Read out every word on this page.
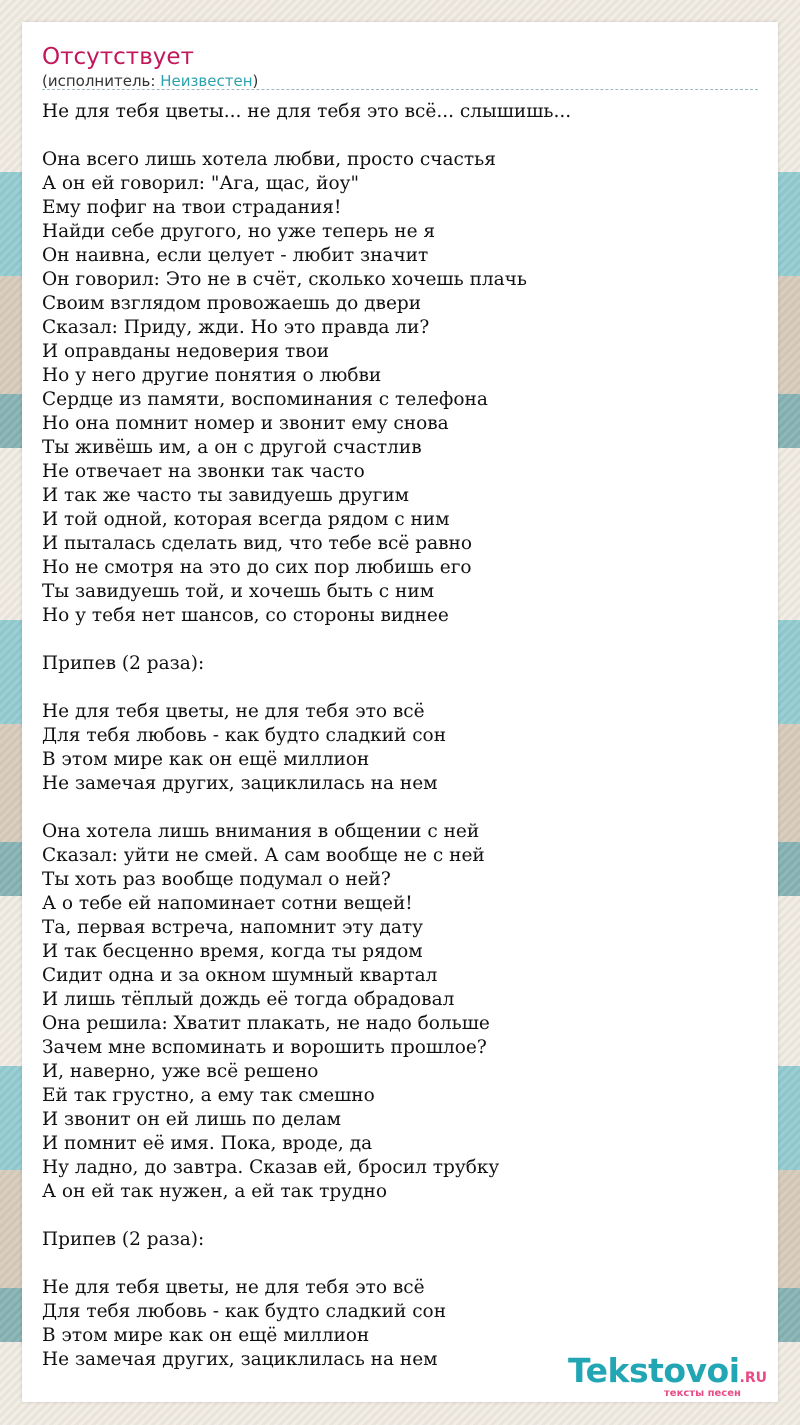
Отсутствует
(исполнитель: Неизвестен)
Не для тебя цветы... не для тебя это всё... слышишь...
Она всего лишь хотела любви, просто счастья
А он ей говорил: "Ага, щас, йоу"
Ему пофиг на твои страдания!
Найди себе другого, но уже теперь не я
Он наивна, если целует - любит значит
Он говорил: Это не в счёт, сколько хочешь плачь
Своим взглядом провожаешь до двери
Сказал: Приду, жди. Но это правда ли?
И оправданы недоверия твои
Но у него другие понятия о любви
Сердце из памяти, воспоминания с телефона
Но она помнит номер и звонит ему снова
Ты живёшь им, а он с другой счастлив
Не отвечает на звонки так часто
И так же часто ты завидуешь другим
И той одной, которая всегда рядом с ним
И пыталась сделать вид, что тебе всё равно
Но не смотря на это до сих пор любишь его
Ты завидуешь той, и хочешь быть с ним
Но у тебя нет шансов, со стороны виднее
Припев (2 раза):
Не для тебя цветы, не для тебя это всё
Для тебя любовь - как будто сладкий сон
В этом мире как он ещё миллион
Не замечая других, зациклилась на нем
Она хотела лишь внимания в общении с ней
Сказал: уйти не смей. А сам вообще не с ней
Ты хоть раз вообще подумал о ней?
А о тебе ей напоминает сотни вещей!
Та, первая встреча, напомнит эту дату
И так бесценно время, когда ты рядом
Сидит одна и за окном шумный квартал
И лишь тёплый дождь её тогда обрадовал
Она решила: Хватит плакать, не надо больше
Зачем мне вспоминать и ворошить прошлое?
И, наверно, уже всё решено
Ей так грустно, а ему так смешно
И звонит он ей лишь по делам
И помнит её имя. Пока, вроде, да
Ну ладно, до завтра. Сказав ей, бросил трубку
А он ей так нужен, а ей так трудно
Припев (2 раза):
Не для тебя цветы, не для тебя это всё
Для тебя любовь - как будто сладкий сон
В этом мире как он ещё миллион
Не замечая других, зациклилась на нем	Tekstovoi.RU
тексты песен
